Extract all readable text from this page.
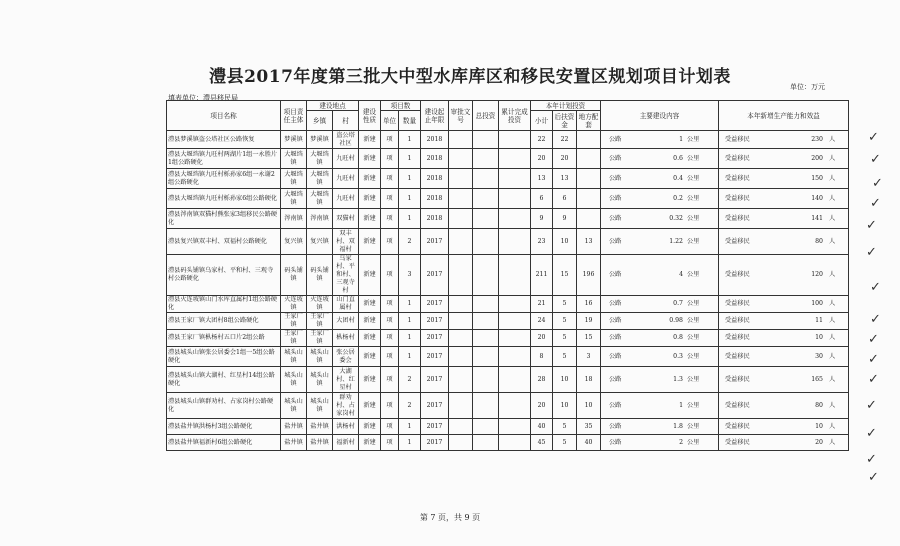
澧县2017年度第三批大中型水库库区和移民安置区规划项目计划表	单位：万元
填表单位：澧县移民局
项目名称	项目责任主体	建设地点		建设性质	项目数		建设起止年限	审批文号	总投资	累计完成投资	本年计划投资			主要建设内容	本年新增生产能力和效益
		乡镇	村		单位	数量					小计	后扶资金	地方配套		
澧县梦溪镇盗公塔社区公路恢复	梦溪镇	梦溪镇	盗公塔社区	新建	项	1	2018				22	22		公路 1 公里	受益移民 230 人
澧县大堰垱镇九旺村两湖片1组一永胜片1组公路硬化	大堰垱镇	大堰垱镇	九旺村	新建	项	1	2018				20	20		公路 0.6 公里	受益移民 200 人
澧县大堰垱镇九旺村栎孙家6组一永谢2组公路硬化	大堰垱镇	大堰垱镇	九旺村	新建	项	1	2018				13	13		公路 0.4 公里	受益移民 150 人
澧县大堰垱镇九旺村栎孙家6组公路硬化	大堰垱镇	大堰垱镇	九旺村	新建	项	1	2018				6	6		公路 0.2 公里	受益移民 140 人
澧县涔南镇双猫村熊张家3组移民公路硬化	涔南镇	涔南镇	双猫村	新建	项	1	2018				9	9		公路 0.32 公里	受益移民 141 人
澧县复兴镇双丰村、双福村公路硬化	复兴镇	复兴镇	双丰村、双福村	新建	项	2	2017				23	10	13	公路 1.22 公里	受益移民 80 人
澧县码头铺镇乌家村、平和村、三观寺村公路硬化	码头铺镇	码头铺镇	乌家村、平和村、三观寺村	新建	项	3	2017				211	15	196	公路 4 公里	受益移民 120 人
澧县火连坡镇山门水库直属村1组公路硬化	火连坡镇	火连坡镇	山门直属村	新建	项	1	2017				21	5	16	公路 0.7 公里	受益移民 100 人
澧县王家厂镇大团村8组公路硬化	王家厂镇	王家厂镇	大团村	新建	项	1	2017				24	5	19	公路 0.98 公里	受益移民 11 人
澧县王家厂镇枞杨村五口片2组公路	王家厂镇	王家厂镇	枞杨村	新建	项	1	2017				20	5	15	公路 0.8 公里	受益移民 10 人
澧县城头山镇张公居委会1组一5组公路硬化	城头山镇	城头山镇	张公居委会	新建	项	1	2017				8	5	3	公路 0.3 公里	受益移民 30 人
澧县城头山镇大湖村、红星村14组公路硬化	城头山镇	城头山镇	大湖村、红星村	新建	项	2	2017				28	10	18	公路 1.3 公里	受益移民 165 人
澧县城头山镇群劝村、占家岗村公路硬化	城头山镇	城头山镇	群劝村、占家岗村	新建	项	2	2017				20	10	10	公路 1 公里	受益移民 80 人
澧县盐井镇洪杨村3组公路硬化	盐井镇	盐井镇	洪杨村	新建	项	1	2017				40	5	35	公路 1.8 公里	受益移民 10 人
澧县盐井镇福新村6组公路硬化	盐井镇	盐井镇	福新村	新建	项	1	2017				45	5	40	公路 2 公里	受益移民 20 人
✓
✓
✓
✓
✓
✓
✓
✓
✓
✓
✓
✓
✓
✓
✓
第 7 页，共 9 页
